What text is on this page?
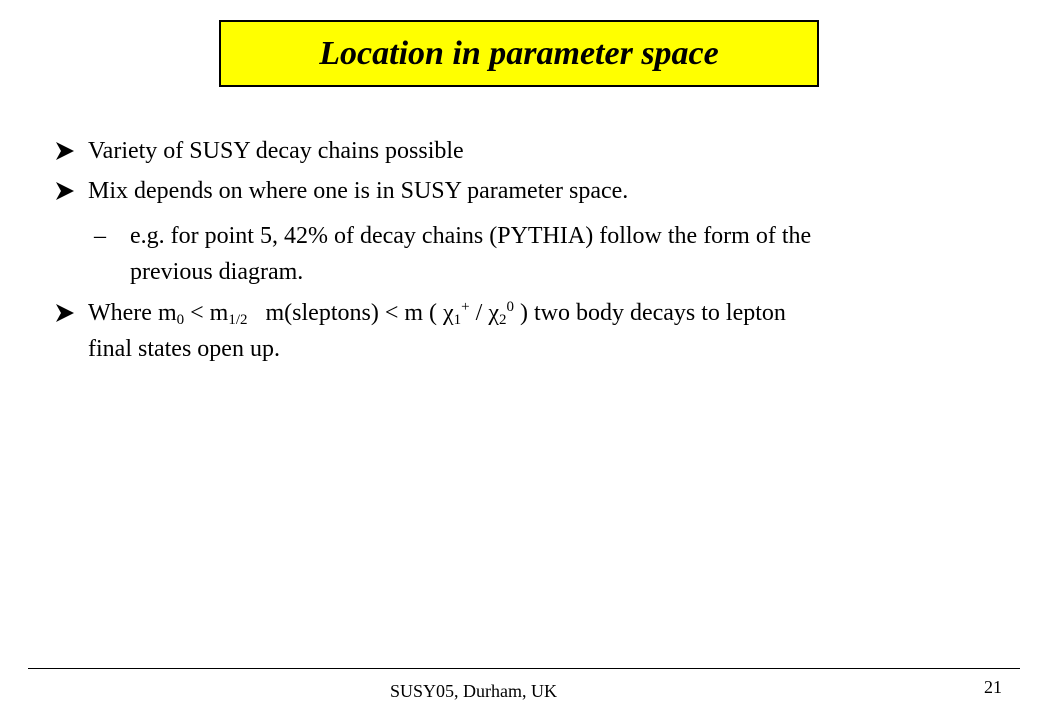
Location in parameter space
Variety of SUSY decay chains possible
Mix depends on where one is in SUSY parameter space.
– e.g. for point 5, 42% of decay chains (PYTHIA) follow the form of the
previous diagram.
Where $m_0 < m_{1/2}$ m(sleptons) < m ( $\chi_1^+ / \chi_2^0$ ) two body decays to lepton
final states open up.
SUSY05, Durham, UK	21
